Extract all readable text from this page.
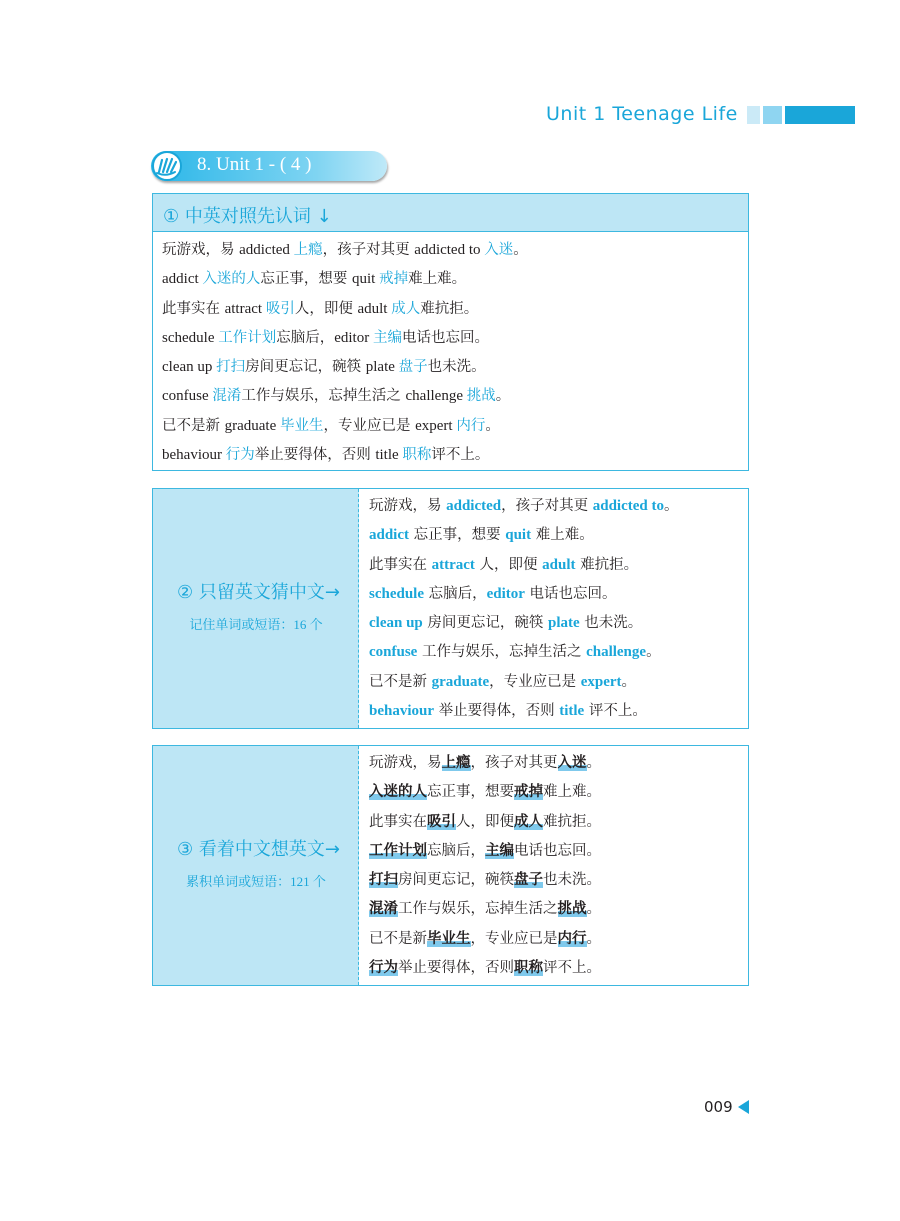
Unit 1 Teenage Life
8. Unit 1 - ( 4 )
① 中英对照先认词 ↓
玩游戏，易 addicted 上瘾，孩子对其更 addicted to 入迷。
addict 入迷的人忘正事，想要 quit 戒掉难上难。
此事实在 attract 吸引人，即便 adult 成人难抗拒。
schedule 工作计划忘脑后，editor 主编电话也忘回。
clean up 打扫房间更忘记，碗筷 plate 盘子也未洗。
confuse 混淆工作与娱乐，忘掉生活之 challenge 挑战。
已不是新 graduate 毕业生，专业应已是 expert 内行。
behaviour 行为举止要得体，否则 title 职称评不上。
② 只留英文猜中文→
记住单词或短语：16 个
玩游戏，易 addicted，孩子对其更 addicted to。
addict 忘正事，想要 quit 难上难。
此事实在 attract 人，即便 adult 难抗拒。
schedule 忘脑后，editor 电话也忘回。
clean up 房间更忘记，碗筷 plate 也未洗。
confuse 工作与娱乐，忘掉生活之 challenge。
已不是新 graduate，专业应已是 expert。
behaviour 举止要得体，否则 title 评不上。
③ 看着中文想英文→
累积单词或短语：121 个
玩游戏，易上瘾，孩子对其更入迷。
入迷的人忘正事，想要戒掉难上难。
此事实在吸引人，即便成人难抗拒。
工作计划忘脑后，主编电话也忘回。
打扫房间更忘记，碗筷盘子也未洗。
混淆工作与娱乐，忘掉生活之挑战。
已不是新毕业生，专业应已是内行。
行为举止要得体，否则职称评不上。
009
